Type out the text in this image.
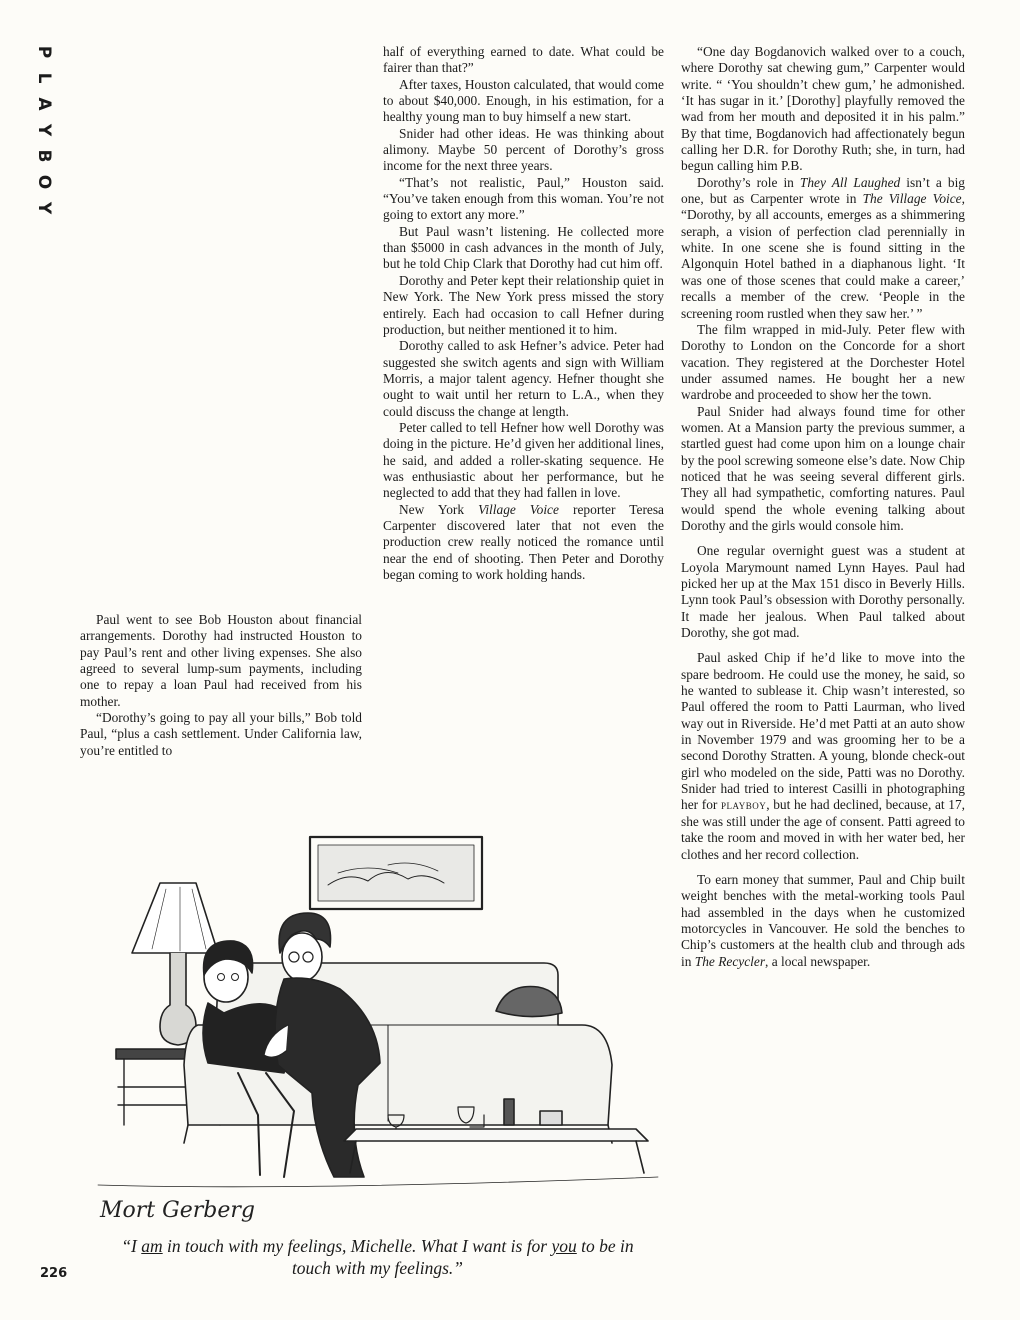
P
L
A
Y
B
O
Y

Paul went to see Bob Houston about financial arrangements. Dorothy had instructed Houston to pay Paul’s rent and other living expenses. She also agreed to several lump-sum payments, including one to repay a loan Paul had received from his mother.

“Dorothy’s going to pay all your bills,” Bob told Paul, “plus a cash settlement. Under California law, you’re entitled to

half of everything earned to date. What could be fairer than that?”

After taxes, Houston calculated, that would come to about $40,000. Enough, in his estimation, for a healthy young man to buy himself a new start.

Snider had other ideas. He was thinking about alimony. Maybe 50 percent of Dorothy’s gross income for the next three years.

“That’s not realistic, Paul,” Houston said. “You’ve taken enough from this woman. You’re not going to extort any more.”

But Paul wasn’t listening. He collected more than $5000 in cash advances in the month of July, but he told Chip Clark that Dorothy had cut him off.

Dorothy and Peter kept their relationship quiet in New York. The New York press missed the story entirely. Each had occasion to call Hefner during production, but neither mentioned it to him.

Dorothy called to ask Hefner’s advice. Peter had suggested she switch agents and sign with William Morris, a major talent agency. Hefner thought she ought to wait until her return to L.A., when they could discuss the change at length.

Peter called to tell Hefner how well Dorothy was doing in the picture. He’d given her additional lines, he said, and added a roller-skating sequence. He was enthusiastic about her performance, but he neglected to add that they had fallen in love.

New York Village Voice reporter Teresa Carpenter discovered later that not even the production crew really noticed the romance until near the end of shooting. Then Peter and Dorothy began coming to work holding hands.

“One day Bogdanovich walked over to a couch, where Dorothy sat chewing gum,” Carpenter would write. “ ‘You shouldn’t chew gum,’ he admonished. ‘It has sugar in it.’ [Dorothy] playfully removed the wad from her mouth and deposited it in his palm.” By that time, Bogdanovich had affectionately begun calling her D.R. for Dorothy Ruth; she, in turn, had begun calling him P.B.

Dorothy’s role in They All Laughed isn’t a big one, but as Carpenter wrote in The Village Voice, “Dorothy, by all accounts, emerges as a shimmering seraph, a vision of perfection clad perennially in white. In one scene she is found sitting in the Algonquin Hotel bathed in a diaphanous light. ‘It was one of those scenes that could make a career,’ recalls a member of the crew. ‘People in the screening room rustled when they saw her.’ ”

The film wrapped in mid-July. Peter flew with Dorothy to London on the Concorde for a short vacation. They registered at the Dorchester Hotel under assumed names. He bought her a new wardrobe and proceeded to show her the town.

Paul Snider had always found time for other women. At a Mansion party the previous summer, a startled guest had come upon him on a lounge chair by the pool screwing someone else’s date. Now Chip noticed that he was seeing several different girls. They all had sympathetic, comforting natures. Paul would spend the whole evening talking about Dorothy and the girls would console him.

One regular overnight guest was a student at Loyola Marymount named Lynn Hayes. Paul had picked her up at the Max 151 disco in Beverly Hills. Lynn took Paul’s obsession with Dorothy personally. It made her jealous. When Paul talked about Dorothy, she got mad.

Paul asked Chip if he’d like to move into the spare bedroom. He could use the money, he said, so he wanted to sublease it. Chip wasn’t interested, so Paul offered the room to Patti Laurman, who lived way out in Riverside. He’d met Patti at an auto show in November 1979 and was grooming her to be a second Dorothy Stratten. A young, blonde check-out girl who modeled on the side, Patti was no Dorothy. Snider had tried to interest Casilli in photographing her for playboy, but he had declined, because, at 17, she was still under the age of consent. Patti agreed to take the room and moved in with her water bed, her clothes and her record collection.

To earn money that summer, Paul and Chip built weight benches with the metal-working tools Paul had assembled in the days when he customized motorcycles in Vancouver. He sold the benches to Chip’s customers at the health club and through ads in The Recycler, a local newspaper.

Mort Gerberg
“I am in touch with my feelings, Michelle. What I want is for you to be in touch with my feelings.”
226
